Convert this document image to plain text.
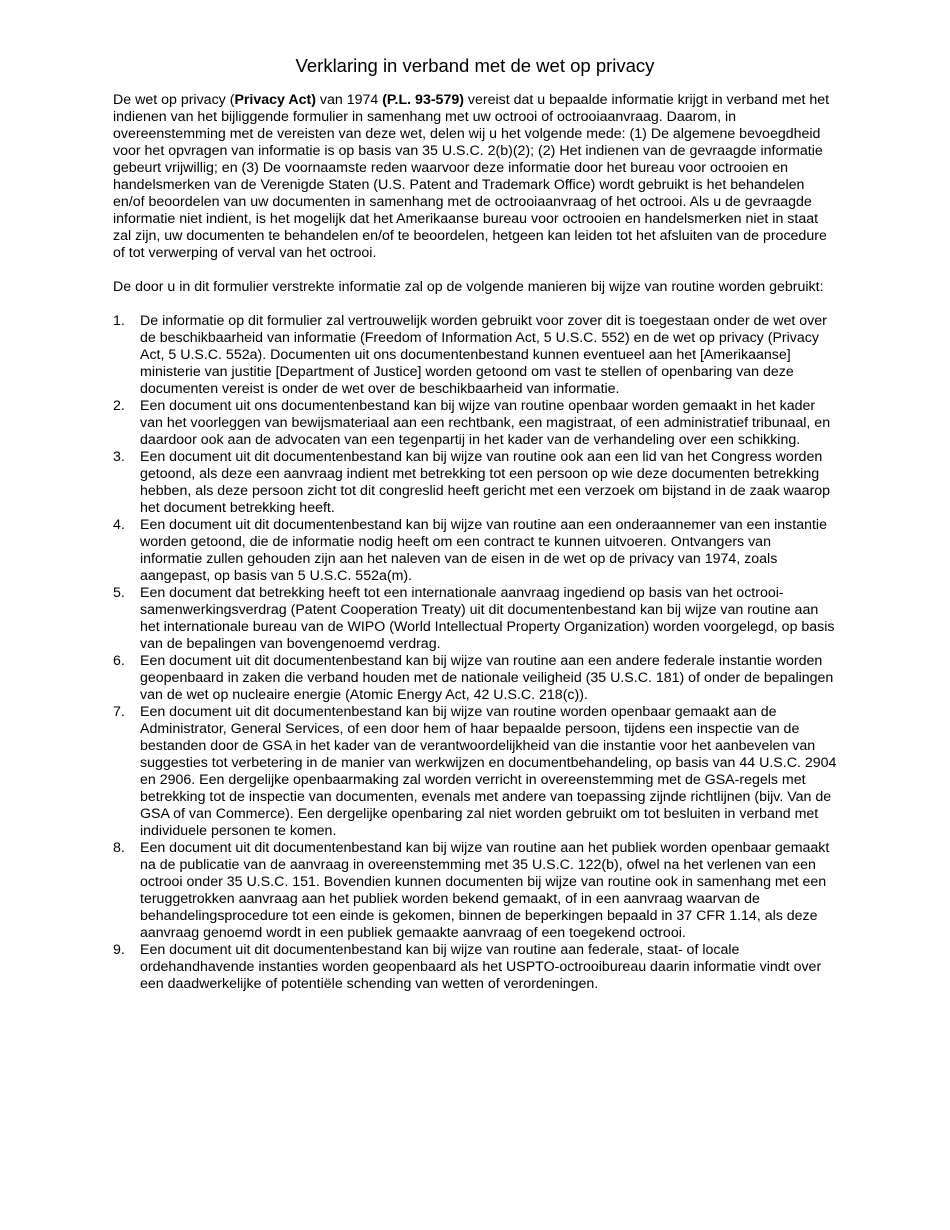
Verklaring in verband met de wet op privacy

De wet op privacy (Privacy Act) van 1974 (P.L. 93-579) vereist dat u bepaalde informatie krijgt in verband met het indienen van het bijliggende formulier in samenhang met uw octrooi of octrooiaanvraag. Daarom, in overeenstemming met de vereisten van deze wet, delen wij u het volgende mede: (1) De algemene bevoegdheid voor het opvragen van informatie is op basis van 35 U.S.C. 2(b)(2); (2) Het indienen van de gevraagde informatie gebeurt vrijwillig; en (3) De voornaamste reden waarvoor deze informatie door het bureau voor octrooien en handelsmerken van de Verenigde Staten (U.S. Patent and Trademark Office) wordt gebruikt is het behandelen en/of beoordelen van uw documenten in samenhang met de octrooiaanvraag of het octrooi. Als u de gevraagde informatie niet indient, is het mogelijk dat het Amerikaanse bureau voor octrooien en handelsmerken niet in staat zal zijn, uw documenten te behandelen en/of te beoordelen, hetgeen kan leiden tot het afsluiten van de procedure of tot verwerping of verval van het octrooi.

De door u in dit formulier verstrekte informatie zal op de volgende manieren bij wijze van routine worden gebruikt:

1. De informatie op dit formulier zal vertrouwelijk worden gebruikt voor zover dit is toegestaan onder de wet over de beschikbaarheid van informatie (Freedom of Information Act, 5 U.S.C. 552) en de wet op privacy (Privacy Act, 5 U.S.C. 552a). Documenten uit ons documentenbestand kunnen eventueel aan het [Amerikaanse] ministerie van justitie [Department of Justice] worden getoond om vast te stellen of openbaring van deze documenten vereist is onder de wet over de beschikbaarheid van informatie.
2. Een document uit ons documentenbestand kan bij wijze van routine openbaar worden gemaakt in het kader van het voorleggen van bewijsmateriaal aan een rechtbank, een magistraat, of een administratief tribunaal, en daardoor ook aan de advocaten van een tegenpartij in het kader van de verhandeling over een schikking.
3. Een document uit dit documentenbestand kan bij wijze van routine ook aan een lid van het Congress worden getoond, als deze een aanvraag indient met betrekking tot een persoon op wie deze documenten betrekking hebben, als deze persoon zicht tot dit congreslid heeft gericht met een verzoek om bijstand in de zaak waarop het document betrekking heeft.
4. Een document uit dit documentenbestand kan bij wijze van routine aan een onderaannemer van een instantie worden getoond, die de informatie nodig heeft om een contract te kunnen uitvoeren. Ontvangers van informatie zullen gehouden zijn aan het naleven van de eisen in de wet op de privacy van 1974, zoals aangepast, op basis van 5 U.S.C. 552a(m).
5. Een document dat betrekking heeft tot een internationale aanvraag ingediend op basis van het octrooi-samenwerkingsverdrag (Patent Cooperation Treaty) uit dit documentenbestand kan bij wijze van routine aan het internationale bureau van de WIPO (World Intellectual Property Organization) worden voorgelegd, op basis van de bepalingen van bovengenoemd verdrag.
6. Een document uit dit documentenbestand kan bij wijze van routine aan een andere federale instantie worden geopenbaard in zaken die verband houden met de nationale veiligheid (35 U.S.C. 181) of onder de bepalingen van de wet op nucleaire energie (Atomic Energy Act, 42 U.S.C. 218(c)).
7. Een document uit dit documentenbestand kan bij wijze van routine worden openbaar gemaakt aan de Administrator, General Services, of een door hem of haar bepaalde persoon, tijdens een inspectie van de bestanden door de GSA in het kader van de verantwoordelijkheid van die instantie voor het aanbevelen van suggesties tot verbetering in de manier van werkwijzen en documentbehandeling, op basis van 44 U.S.C. 2904 en 2906. Een dergelijke openbaarmaking zal worden verricht in overeenstemming met de GSA-regels met betrekking tot de inspectie van documenten, evenals met andere van toepassing zijnde richtlijnen (bijv. Van de GSA of van Commerce). Een dergelijke openbaring zal niet worden gebruikt om tot besluiten in verband met individuele personen te komen.
8. Een document uit dit documentenbestand kan bij wijze van routine aan het publiek worden openbaar gemaakt na de publicatie van de aanvraag in overeenstemming met 35 U.S.C. 122(b), ofwel na het verlenen van een octrooi onder 35 U.S.C. 151. Bovendien kunnen documenten bij wijze van routine ook in samenhang met een teruggetrokken aanvraag aan het publiek worden bekend gemaakt, of in een aanvraag waarvan de behandelingsprocedure tot een einde is gekomen, binnen de beperkingen bepaald in 37 CFR 1.14, als deze aanvraag genoemd wordt in een publiek gemaakte aanvraag of een toegekend octrooi.
9. Een document uit dit documentenbestand kan bij wijze van routine aan federale, staat- of locale ordehandhavende instanties worden geopenbaard als het USPTO-octrooibureau daarin informatie vindt over een daadwerkelijke of potentiële schending van wetten of verordeningen.
